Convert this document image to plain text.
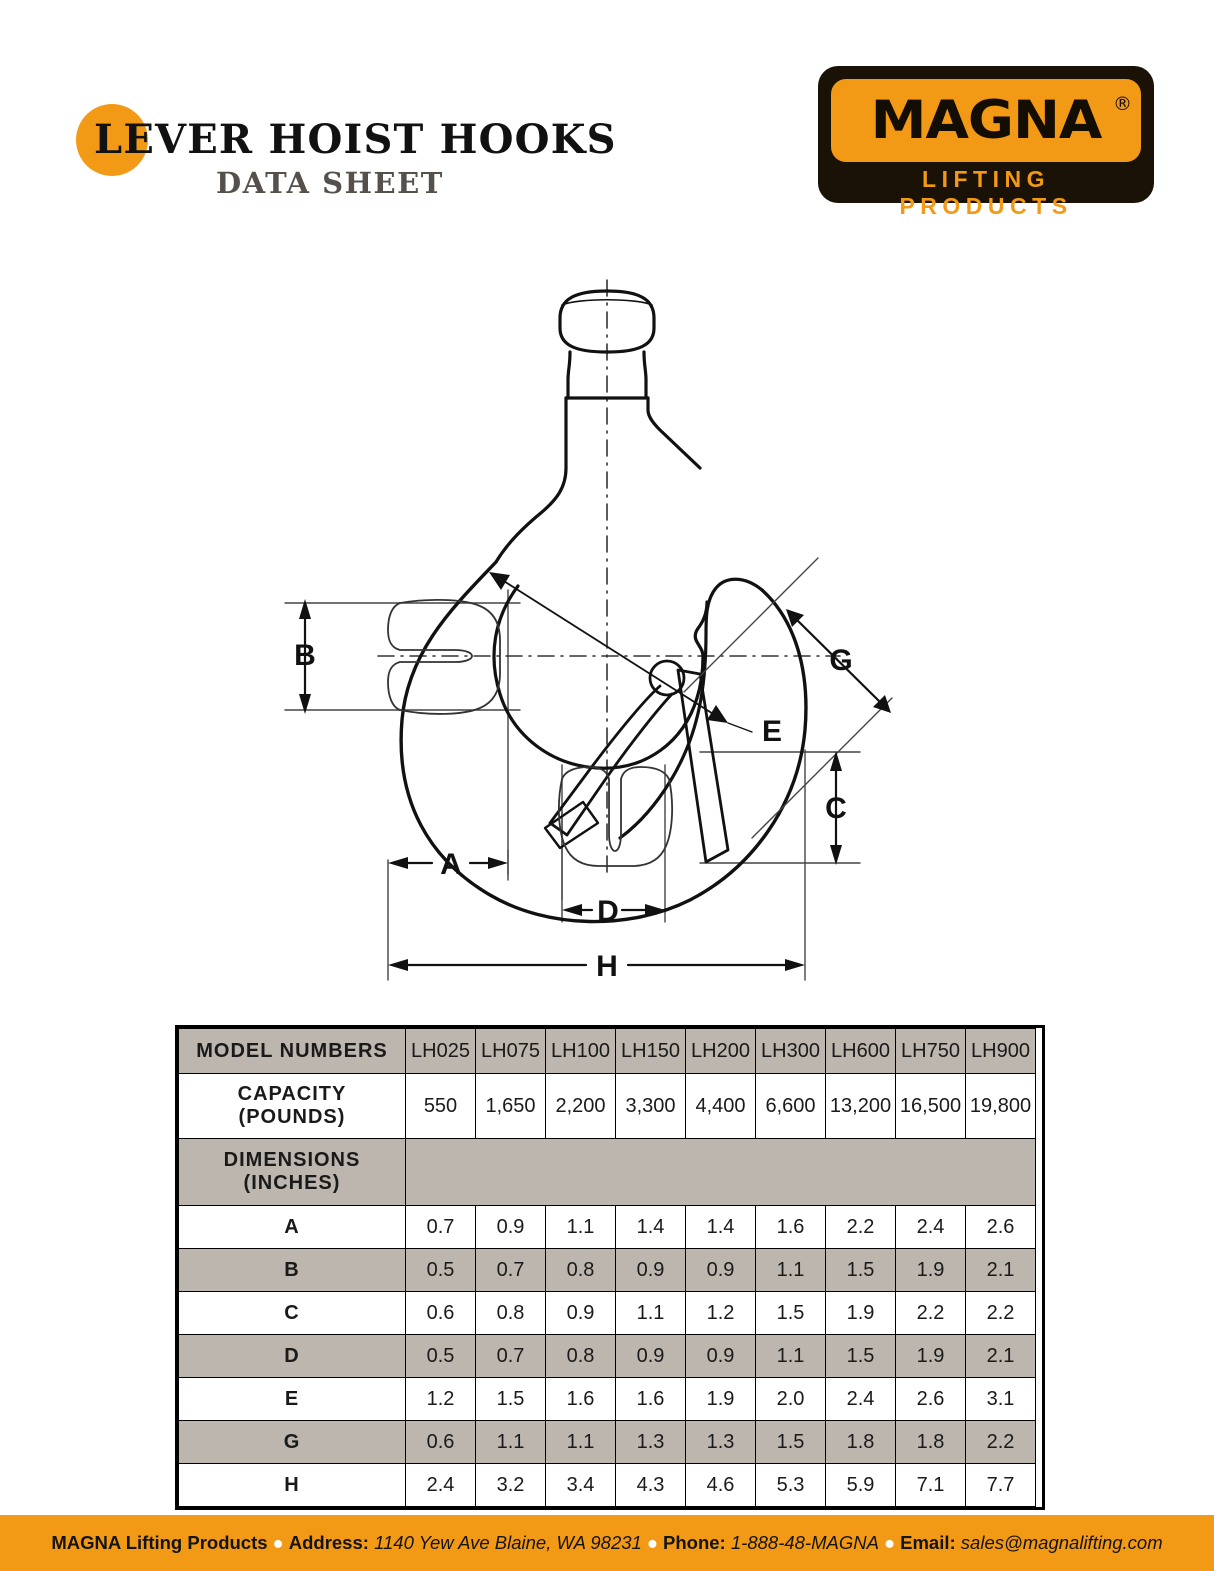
LEVER HOIST HOOKS
DATA SHEET
MAGNA ®
LIFTING PRODUCTS
B	G
E
C
A
D
H
MODEL NUMBERS	LH025	LH075	LH100	LH150	LH200	LH300	LH600	LH750	LH900

CAPACITY
(POUNDS)	550	1,650	2,200	3,300	4,400	6,600	13,200	16,500	19,800

DIMENSIONS
(INCHES)									

A	0.7	0.9	1.1	1.4	1.4	1.6	2.2	2.4	2.6
B	0.5	0.7	0.8	0.9	0.9	1.1	1.5	1.9	2.1
C	0.6	0.8	0.9	1.1	1.2	1.5	1.9	2.2	2.2
D	0.5	0.7	0.8	0.9	0.9	1.1	1.5	1.9	2.1
E	1.2	1.5	1.6	1.6	1.9	2.0	2.4	2.6	3.1
G	0.6	1.1	1.1	1.3	1.3	1.5	1.8	1.8	2.2
H	2.4	3.2	3.4	4.3	4.6	5.3	5.9	7.1	7.7
MAGNA Lifting Products ● Address: 1140 Yew Ave Blaine, WA 98231 ● Phone: 1-888-48-MAGNA ● Email: sales@magnalifting.com
